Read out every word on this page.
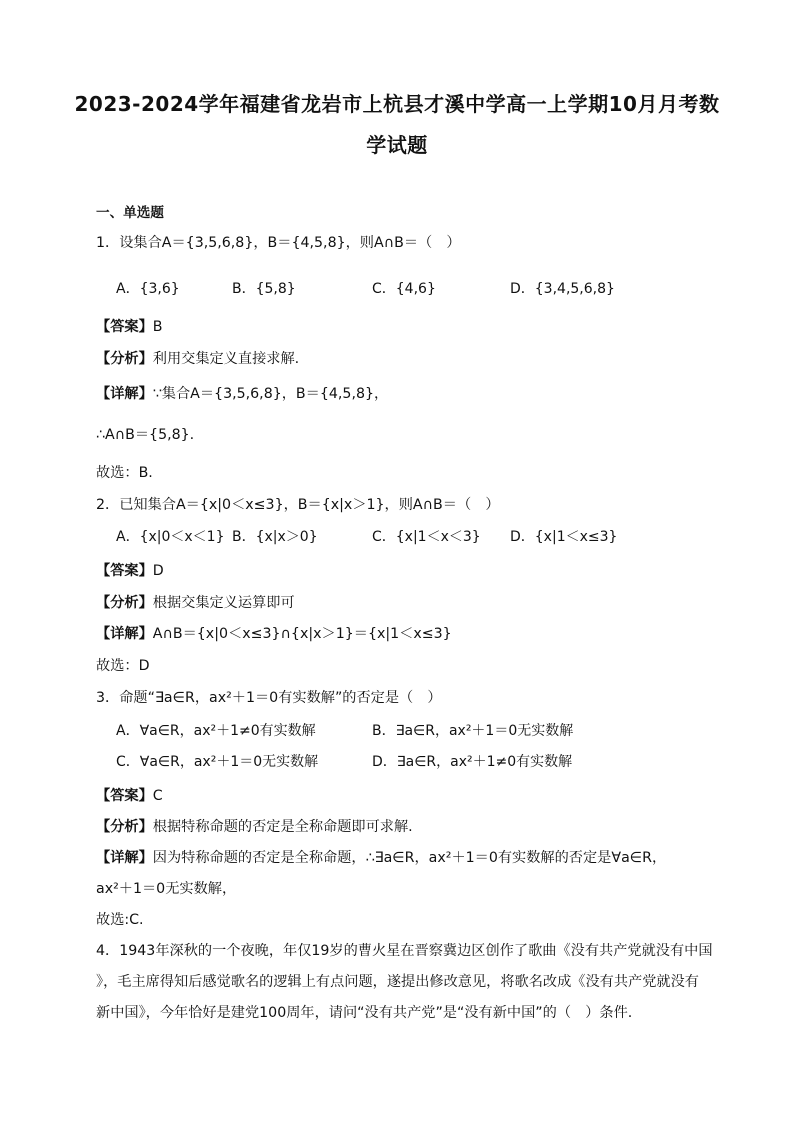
2023-2024学年福建省龙岩市上杭县才溪中学高一上学期10月月考数
学试题
一、单选题
1．设集合A＝{3,5,6,8}，B＝{4,5,8}，则A∩B＝（　）
A．{3,6}	B．{5,8}	C．{4,6}	D．{3,4,5,6,8}
【答案】B
【分析】利用交集定义直接求解.
【详解】∵集合A＝{3,5,6,8}，B＝{4,5,8}，
∴A∩B＝{5,8}.
故选：B.
2．已知集合A＝{x|0＜x≤3}，B＝{x|x＞1}，则A∩B＝（　）
A．{x|0＜x＜1} B．{x|x＞0}	C．{x|1＜x＜3} D．{x|1＜x≤3}
【答案】D
【分析】根据交集定义运算即可
【详解】A∩B＝{x|0＜x≤3}∩{x|x＞1}＝{x|1＜x≤3}
故选：D
3．命题“∃a∈R，ax²＋1＝0有实数解”的否定是（　）
A．∀a∈R，ax²＋1≠0有实数解	B．∃a∈R，ax²＋1＝0无实数解
C．∀a∈R，ax²＋1＝0无实数解	D．∃a∈R，ax²＋1≠0有实数解
【答案】C
【分析】根据特称命题的否定是全称命题即可求解.
【详解】因为特称命题的否定是全称命题，∴∃a∈R，ax²＋1＝0有实数解的否定是∀a∈R，
ax²＋1＝0无实数解，
故选:C.
4．1943年深秋的一个夜晚，年仅19岁的曹火星在晋察冀边区创作了歌曲《没有共产党就没有中国
》，毛主席得知后感觉歌名的逻辑上有点问题，遂提出修改意见，将歌名改成《没有共产党就没有
新中国》，今年恰好是建党100周年，请问“没有共产党”是“没有新中国”的（　）条件.
